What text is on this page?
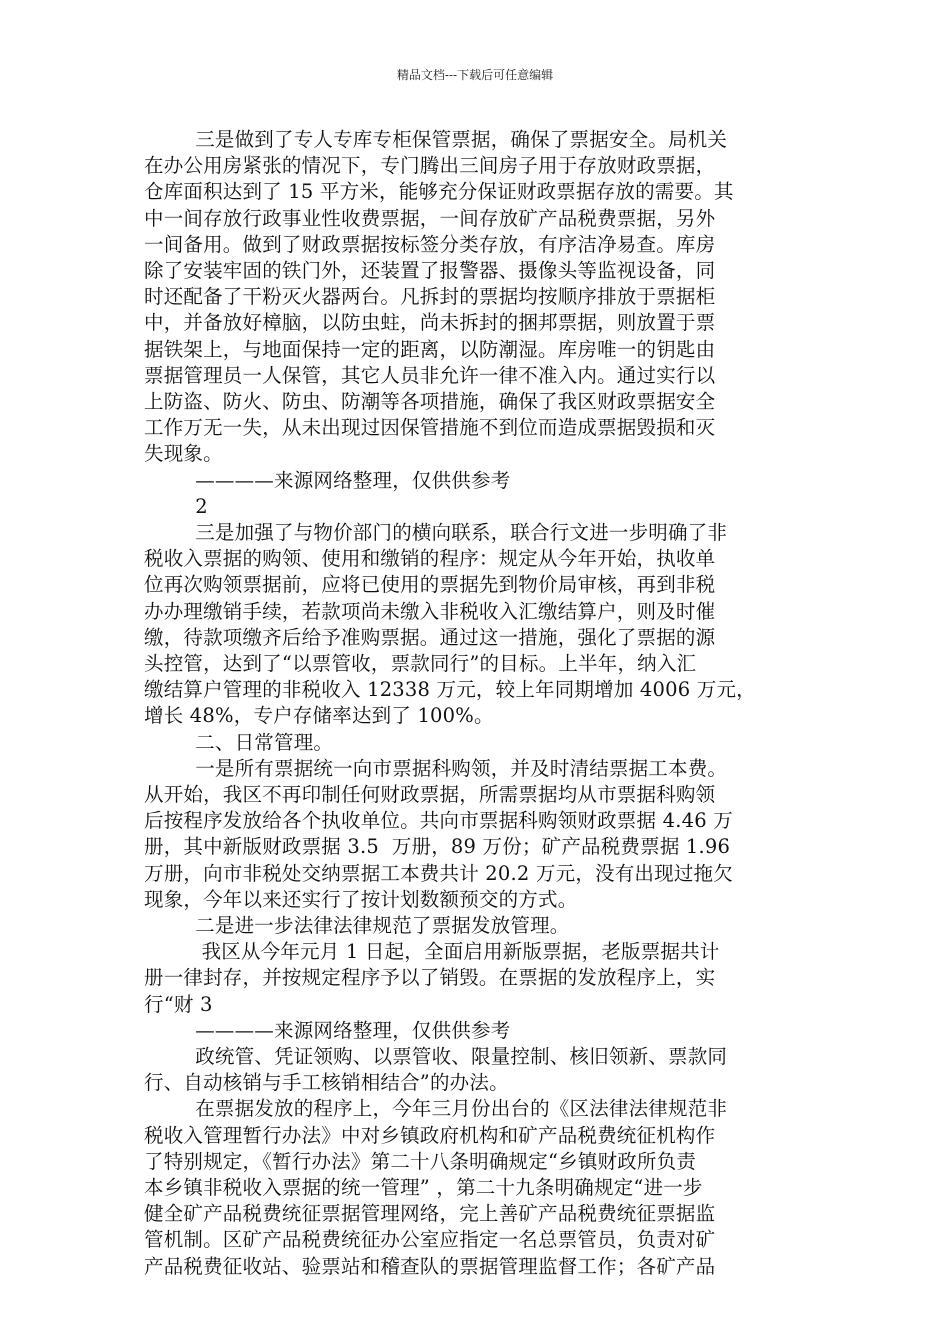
精品文档---下载后可任意编辑
三是做到了专人专库专柜保管票据，确保了票据安全。局机关
在办公用房紧张的情况下，专门腾出三间房子用于存放财政票据，
仓库面积达到了 15 平方米，能够充分保证财政票据存放的需要。其
中一间存放行政事业性收费票据，一间存放矿产品税费票据，另外
一间备用。做到了财政票据按标签分类存放，有序洁净易查。库房
除了安装牢固的铁门外，还装置了报警器、摄像头等监视设备，同
时还配备了干粉灭火器两台。凡拆封的票据均按顺序排放于票据柜
中，并备放好樟脑，以防虫蛀，尚未拆封的捆邦票据，则放置于票
据铁架上，与地面保持一定的距离，以防潮湿。库房唯一的钥匙由
票据管理员一人保管，其它人员非允许一律不准入内。通过实行以
上防盗、防火、防虫、防潮等各项措施，确保了我区财政票据安全
工作万无一失，从未出现过因保管措施不到位而造成票据毁损和灭
失现象。
————来源网络整理，仅供供参考
2
三是加强了与物价部门的横向联系，联合行文进一步明确了非
税收入票据的购领、使用和缴销的程序：规定从今年开始，执收单
位再次购领票据前，应将已使用的票据先到物价局审核，再到非税
办办理缴销手续，若款项尚未缴入非税收入汇缴结算户，则及时催
缴，待款项缴齐后给予准购票据。通过这一措施，强化了票据的源
头控管，达到了“以票管收，票款同行”的目标。上半年，纳入汇
缴结算户管理的非税收入 12338 万元，较上年同期增加 4006 万元，
增长 48%，专户存储率达到了 100%。
二、日常管理。
一是所有票据统一向市票据科购领，并及时清结票据工本费。
从开始，我区不再印制任何财政票据，所需票据均从市票据科购领
后按程序发放给各个执收单位。共向市票据科购领财政票据 4.46 万
册，其中新版财政票据 3.5  万册，89 万份；矿产品税费票据 1.96
万册，向市非税处交纳票据工本费共计 20.2 万元，没有出现过拖欠
现象，今年以来还实行了按计划数额预交的方式。
二是进一步法律法律规范了票据发放管理。
我区从今年元月 1 日起，全面启用新版票据，老版票据共计
册一律封存，并按规定程序予以了销毁。在票据的发放程序上，实
行“财 3
————来源网络整理，仅供供参考
政统管、凭证领购、以票管收、限量控制、核旧领新、票款同
行、自动核销与手工核销相结合”的办法。
在票据发放的程序上，今年三月份出台的《区法律法律规范非
税收入管理暂行办法》中对乡镇政府机构和矿产品税费统征机构作
了特别规定，《暂行办法》第二十八条明确规定“乡镇财政所负责
本乡镇非税收入票据的统一管理” ，第二十九条明确规定“进一步
健全矿产品税费统征票据管理网络，完上善矿产品税费统征票据监
管机制。区矿产品税费统征办公室应指定一名总票管员，负责对矿
产品税费征收站、验票站和稽查队的票据管理监督工作；各矿产品
